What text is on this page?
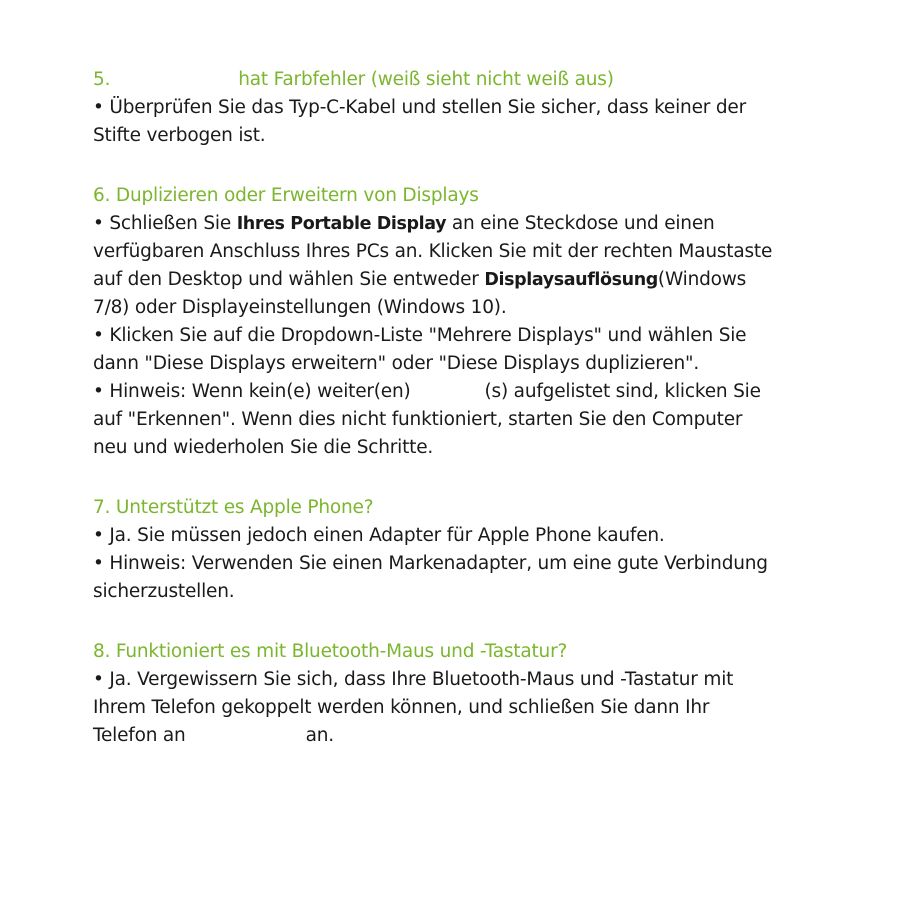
5.	hat Farbfehler (weiß sieht nicht weiß aus)

• Überprüfen Sie das Typ-C-Kabel und stellen Sie sicher, dass keiner der
Stifte verbogen ist.

6. Duplizieren oder Erweitern von Displays

• Schließen Sie Ihres Portable Display an eine Steckdose und einen
verfügbaren Anschluss Ihres PCs an. Klicken Sie mit der rechten Maustaste
auf den Desktop und wählen Sie entweder Displaysauflösung(Windows
7/8) oder Displayeinstellungen (Windows 10).
• Klicken Sie auf die Dropdown-Liste "Mehrere Displays" und wählen Sie
dann "Diese Displays erweitern" oder "Diese Displays duplizieren".
• Hinweis: Wenn kein(e) weiter(en)	(s) aufgelistet sind, klicken Sie
auf "Erkennen". Wenn dies nicht funktioniert, starten Sie den Computer
neu und wiederholen Sie die Schritte.

7. Unterstützt es Apple Phone?

• Ja. Sie müssen jedoch einen Adapter für Apple Phone kaufen.
• Hinweis: Verwenden Sie einen Markenadapter, um eine gute Verbindung
sicherzustellen.

8. Funktioniert es mit Bluetooth-Maus und -Tastatur?

• Ja. Vergewissern Sie sich, dass Ihre Bluetooth-Maus und -Tastatur mit
Ihrem Telefon gekoppelt werden können, und schließen Sie dann Ihr
Telefon an	an.
